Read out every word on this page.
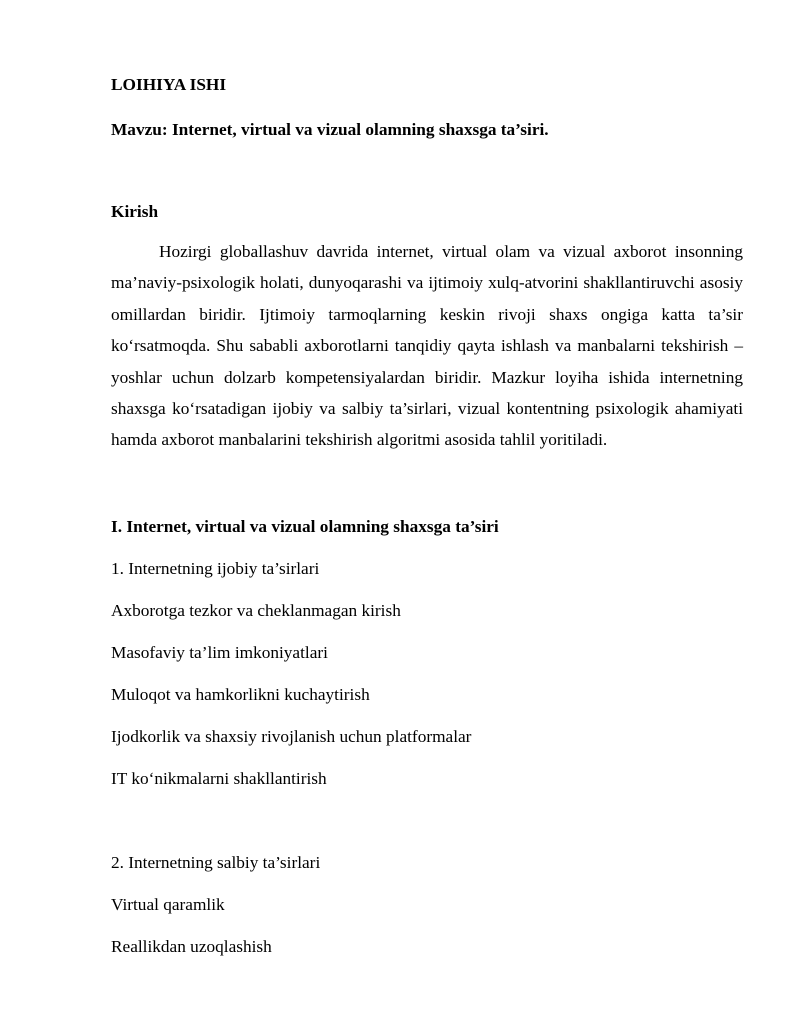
LOIHIYA ISHI
Mavzu: Internet, virtual va vizual olamning shaxsga ta’siri.
Kirish
Hozirgi globallashuv davrida internet, virtual olam va vizual axborot insonning ma’naviy-psixologik holati, dunyoqarashi va ijtimoiy xulq-atvorini shakllantiruvchi asosiy omillardan biridir. Ijtimoiy tarmoqlarning keskin rivoji shaxs ongiga katta ta’sir ko‘rsatmoqda. Shu sababli axborotlarni tanqidiy qayta ishlash va manbalarni tekshirish – yoshlar uchun dolzarb kompetensiyalardan biridir. Mazkur loyiha ishida internetning shaxsga ko‘rsatadigan ijobiy va salbiy ta’sirlari, vizual kontentning psixologik ahamiyati hamda axborot manbalarini tekshirish algoritmi asosida tahlil yoritiladi.
I. Internet, virtual va vizual olamning shaxsga ta’siri
1. Internetning ijobiy ta’sirlari
Axborotga tezkor va cheklanmagan kirish
Masofaviy ta’lim imkoniyatlari
Muloqot va hamkorlikni kuchaytirish
Ijodkorlik va shaxsiy rivojlanish uchun platformalar
IT ko‘nikmalarni shakllantirish
2. Internetning salbiy ta’sirlari
Virtual qaramlik
Reallikdan uzoqlashish
